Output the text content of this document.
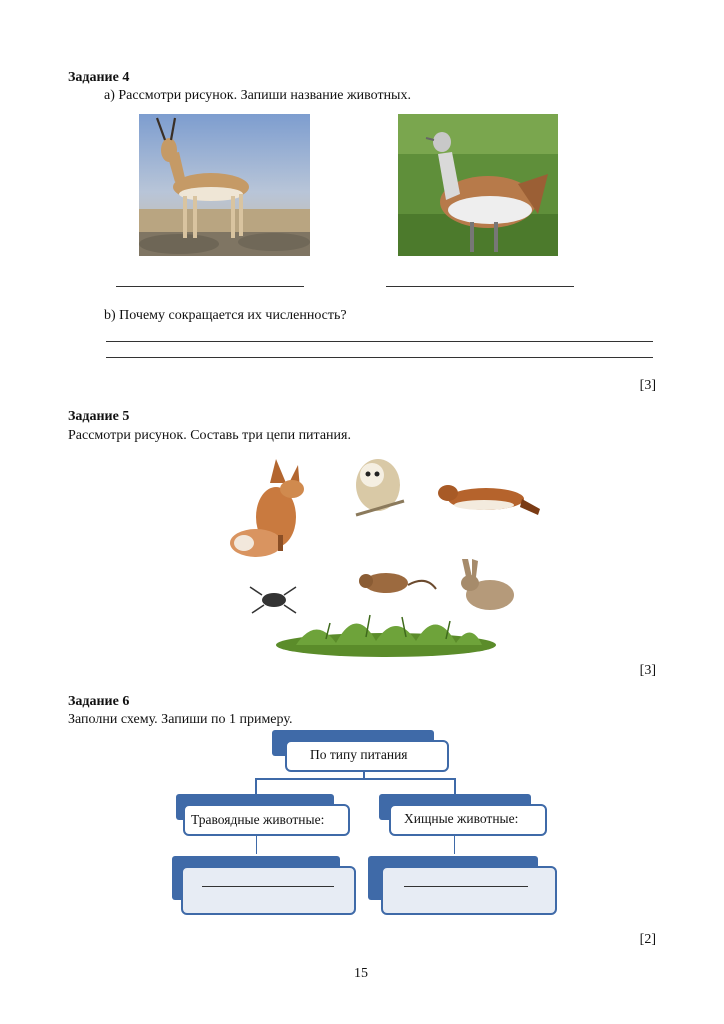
Задание 4
a) Рассмотри рисунок. Запиши название животных.
b) Почему сокращается их численность?
[3]
Задание 5
Рассмотри рисунок. Составь три цепи питания.
[3]
Задание 6
Заполни схему. Запиши по 1 примеру.
По типу питания
Травоядные животные:	Хищные животные:
[2]
15
